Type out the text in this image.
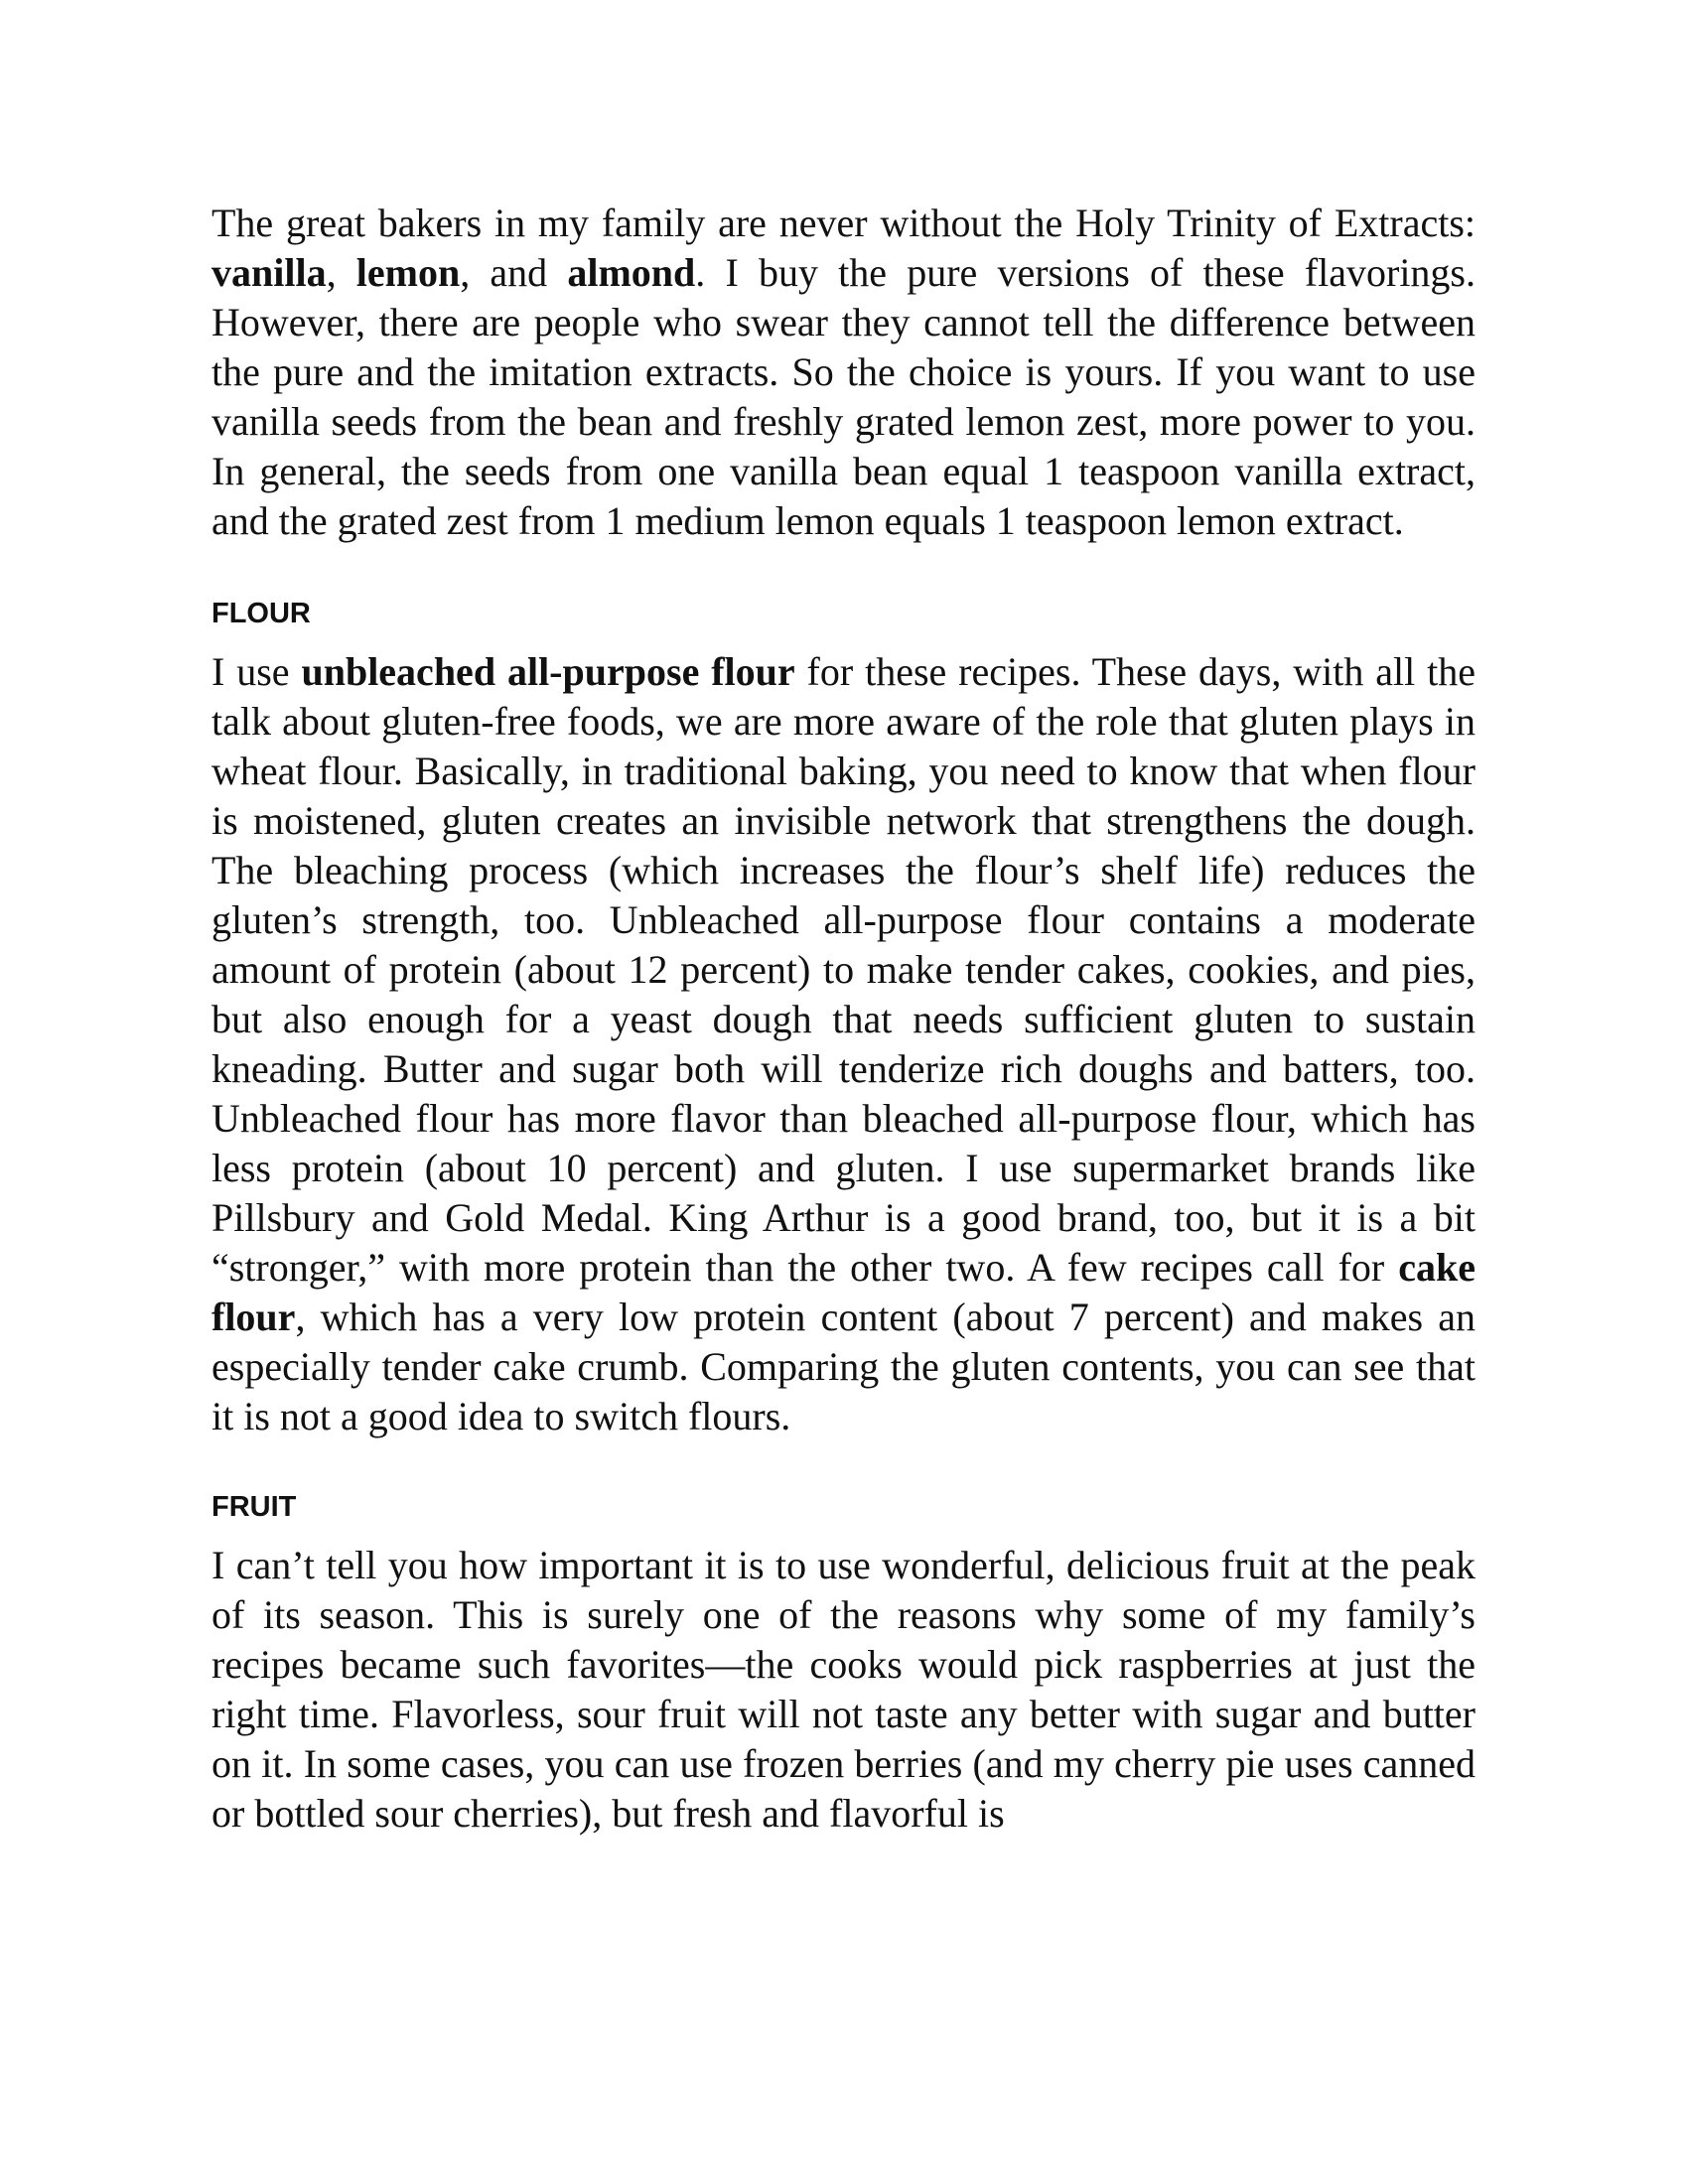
The great bakers in my family are never without the Holy Trinity of Extracts: vanilla, lemon, and almond. I buy the pure versions of these flavorings. However, there are people who swear they cannot tell the difference between the pure and the imitation extracts. So the choice is yours. If you want to use vanilla seeds from the bean and freshly grated lemon zest, more power to you. In general, the seeds from one vanilla bean equal 1 teaspoon vanilla extract, and the grated zest from 1 medium lemon equals 1 teaspoon lemon extract.

FLOUR

I use unbleached all-purpose flour for these recipes. These days, with all the talk about gluten-free foods, we are more aware of the role that gluten plays in wheat flour. Basically, in traditional baking, you need to know that when flour is moistened, gluten creates an invisible network that strengthens the dough. The bleaching process (which increases the flour’s shelf life) reduces the gluten’s strength, too. Unbleached all-purpose flour contains a moderate amount of protein (about 12 percent) to make tender cakes, cookies, and pies, but also enough for a yeast dough that needs sufficient gluten to sustain kneading. Butter and sugar both will tenderize rich doughs and batters, too. Unbleached flour has more flavor than bleached all-purpose flour, which has less protein (about 10 percent) and gluten. I use supermarket brands like Pillsbury and Gold Medal. King Arthur is a good brand, too, but it is a bit “stronger,” with more protein than the other two. A few recipes call for cake flour, which has a very low protein content (about 7 percent) and makes an especially tender cake crumb. Comparing the gluten contents, you can see that it is not a good idea to switch flours.

FRUIT

I can’t tell you how important it is to use wonderful, delicious fruit at the peak of its season. This is surely one of the reasons why some of my family’s recipes became such favorites—the cooks would pick raspberries at just the right time. Flavorless, sour fruit will not taste any better with sugar and butter on it. In some cases, you can use frozen berries (and my cherry pie uses canned or bottled sour cherries), but fresh and flavorful is
